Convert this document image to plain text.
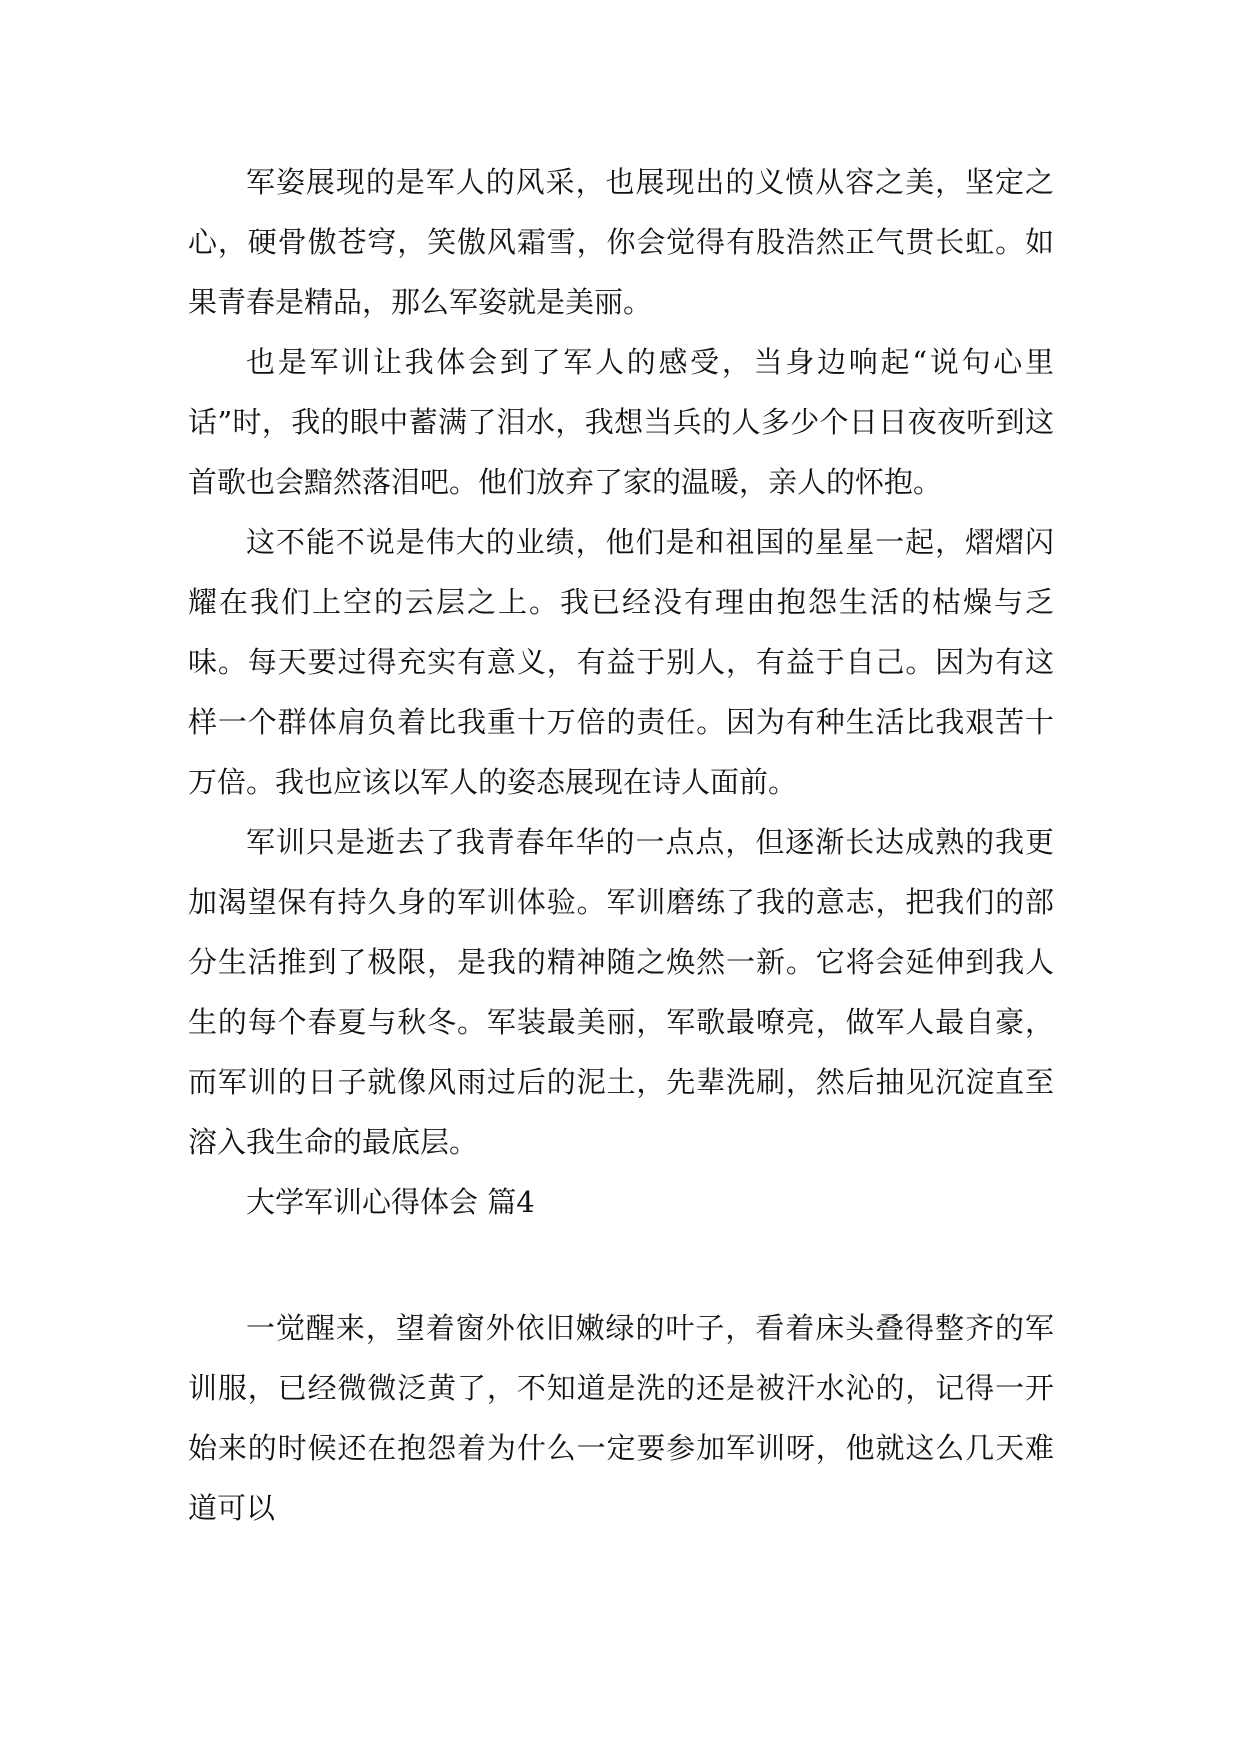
军姿展现的是军人的风采，也展现出的义愤从容之美，坚定之心，硬骨傲苍穹，笑傲风霜雪，你会觉得有股浩然正气贯长虹。如果青春是精品，那么军姿就是美丽。

也是军训让我体会到了军人的感受，当身边响起“说句心里话”时，我的眼中蓄满了泪水，我想当兵的人多少个日日夜夜听到这首歌也会黯然落泪吧。他们放弃了家的温暖，亲人的怀抱。

这不能不说是伟大的业绩，他们是和祖国的星星一起，熠熠闪耀在我们上空的云层之上。我已经没有理由抱怨生活的枯燥与乏味。每天要过得充实有意义，有益于别人，有益于自己。因为有这样一个群体肩负着比我重十万倍的责任。因为有种生活比我艰苦十万倍。我也应该以军人的姿态展现在诗人面前。

军训只是逝去了我青春年华的一点点，但逐渐长达成熟的我更加渴望保有持久身的军训体验。军训磨练了我的意志，把我们的部分生活推到了极限，是我的精神随之焕然一新。它将会延伸到我人生的每个春夏与秋冬。军装最美丽，军歌最嘹亮，做军人最自豪，而军训的日子就像风雨过后的泥土，先辈洗刷，然后抽见沉淀直至溶入我生命的最底层。

大学军训心得体会 篇4

一觉醒来，望着窗外依旧嫩绿的叶子，看着床头叠得整齐的军训服，已经微微泛黄了，不知道是洗的还是被汗水沁的，记得一开始来的时候还在抱怨着为什么一定要参加军训呀，他就这么几天难道可以
